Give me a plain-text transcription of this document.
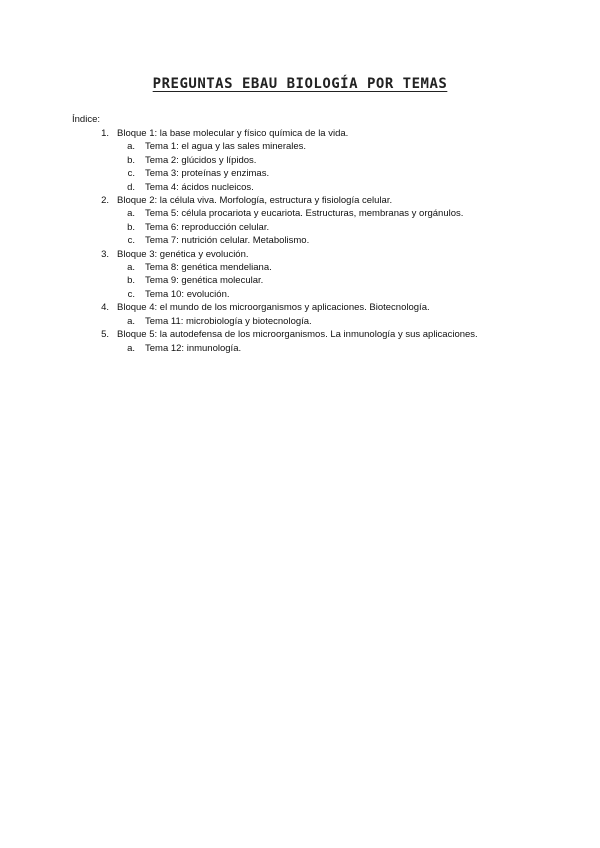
PREGUNTAS EBAU BIOLOGÍA POR TEMAS
Índice:
1. Bloque 1: la base molecular y físico química de la vida.
a.	Tema 1: el agua y las sales minerales.
b.	Tema 2: glúcidos y lípidos.
c.	Tema 3: proteínas y enzimas.
d.	Tema 4: ácidos nucleicos.
2. Bloque 2: la célula viva. Morfología, estructura y fisiología celular.
a.	Tema 5: célula procariota y eucariota. Estructuras, membranas y orgánulos.
b.	Tema 6: reproducción celular.
c.	Tema 7: nutrición celular. Metabolismo.
3. Bloque 3: genética y evolución.
a.	Tema 8: genética mendeliana.
b.	Tema 9: genética molecular.
c.	Tema 10: evolución.
4. Bloque 4: el mundo de los microorganismos y aplicaciones. Biotecnología.
a.	Tema 11: microbiología y biotecnología.
5. Bloque 5: la autodefensa de los microorganismos. La inmunología y sus aplicaciones.
a.	Tema 12: inmunología.
